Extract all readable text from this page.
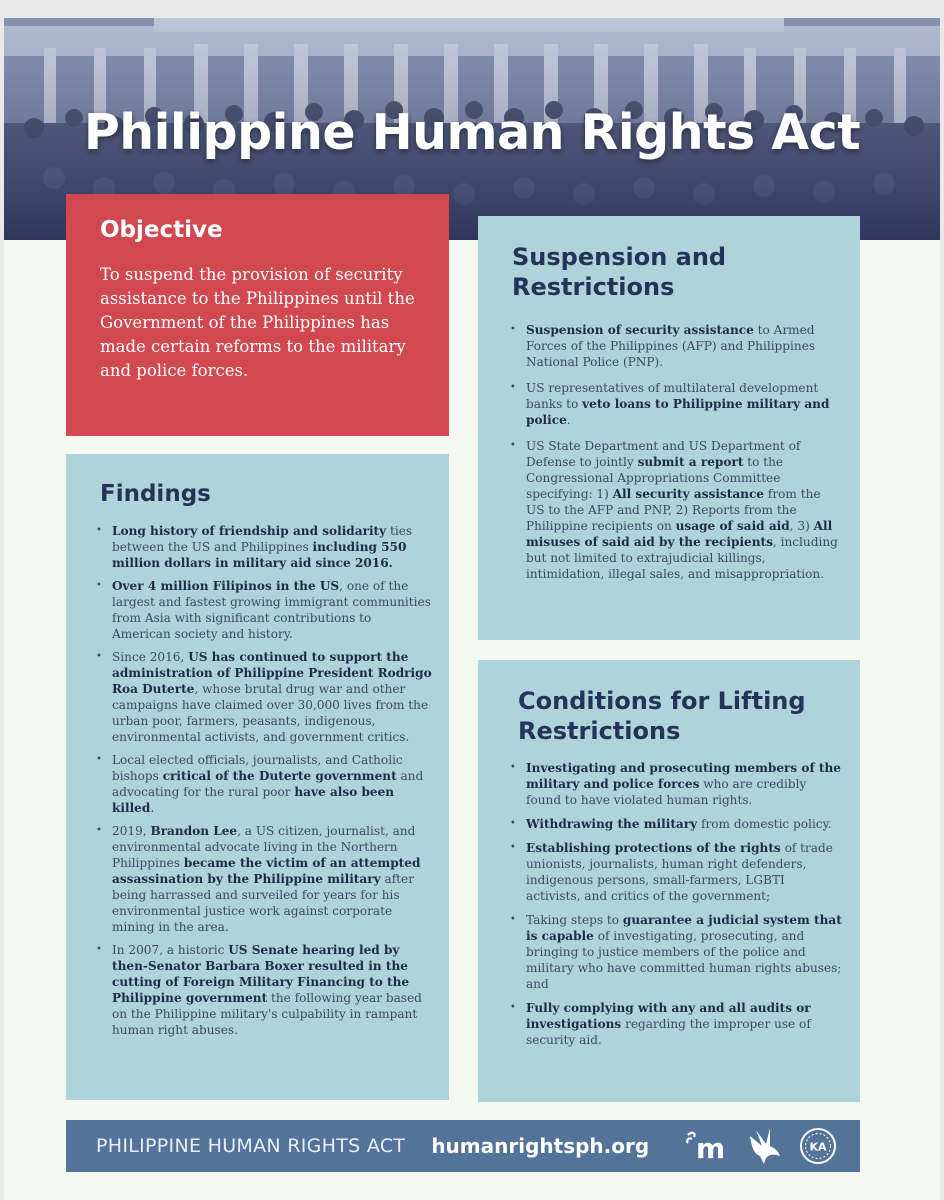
Philippine Human Rights Act
Objective

To suspend the provision of security assistance to the Philippines until the Government of the Philippines has made certain reforms to the military and police forces.

Findings
• Long history of friendship and solidarity ties between the US and Philippines including 550 million dollars in military aid since 2016.
• Over 4 million Filipinos in the US, one of the largest and fastest growing immigrant communities from Asia with significant contributions to American society and history.
• Since 2016, US has continued to support the administration of Philippine President Rodrigo Roa Duterte, whose brutal drug war and other campaigns have claimed over 30,000 lives from the urban poor, farmers, peasants, indigenous, environmental activists, and government critics.
• Local elected officials, journalists, and Catholic bishops critical of the Duterte government and advocating for the rural poor have also been killed.
• 2019, Brandon Lee, a US citizen, journalist, and environmental advocate living in the Northern Philippines became the victim of an attempted assassination by the Philippine military after being harrassed and surveiled for years for his environmental justice work against corporate mining in the area.
• In 2007, a historic US Senate hearing led by then-Senator Barbara Boxer resulted in the cutting of Foreign Military Financing to the Philippine government the following year based on the Philippine military's culpability in rampant human right abuses.
Suspension and Restrictions
• Suspension of security assistance to Armed Forces of the Philippines (AFP) and Philippines National Police (PNP).
• US representatives of multilateral development banks to veto loans to Philippine military and police.
• US State Department and US Department of Defense to jointly submit a report to the Congressional Appropriations Committee specifying: 1) All security assistance from the US to the AFP and PNP, 2) Reports from the Philippine recipients on usage of said aid, 3) All misuses of said aid by the recipients, including but not limited to extrajudicial killings, intimidation, illegal sales, and misappropriation.
Conditions for Lifting Restrictions
• Investigating and prosecuting members of the military and police forces who are credibly found to have violated human rights.
• Withdrawing the military from domestic policy.
• Establishing protections of the rights of trade unionists, journalists, human right defenders, indigenous persons, small-farmers, LGBTI activists, and critics of the government;
• Taking steps to guarantee a judicial system that is capable of investigating, prosecuting, and bringing to justice members of the police and military who have committed human rights abuses; and
• Fully complying with any and all audits or investigations regarding the improper use of security aid.
PHILIPPINE HUMAN RIGHTS ACT humanrightsph.org m	KA
